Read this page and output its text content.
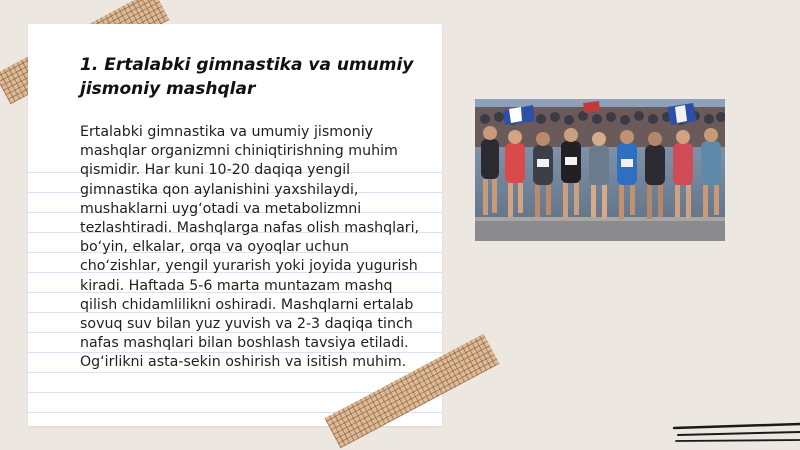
1. Ertalabki gimnastika va umumiy jismoniy mashqlar

Ertalabki gimnastika va umumiy jismoniy mashqlar organizmni chiniqtirishning muhim qismidir. Har kuni 10-20 daqiqa yengil gimnastika qon aylanishini yaxshilaydi, mushaklarni uyg‘otadi va metabolizmni tezlashtiradi. Mashqlarga nafas olish mashqlari, bo‘yin, elkalar, orqa va oyoqlar uchun cho‘zishlar, yengil yurarish yoki joyida yugurish kiradi. Haftada 5-6 marta muntazam mashq qilish chidamlilikni oshiradi. Mashqlarni ertalab sovuq suv bilan yuz yuvish va 2-3 daqiqa tinch nafas mashqlari bilan boshlash tavsiya etiladi. Og‘irlikni asta-sekin oshirish va isitish muhim.
